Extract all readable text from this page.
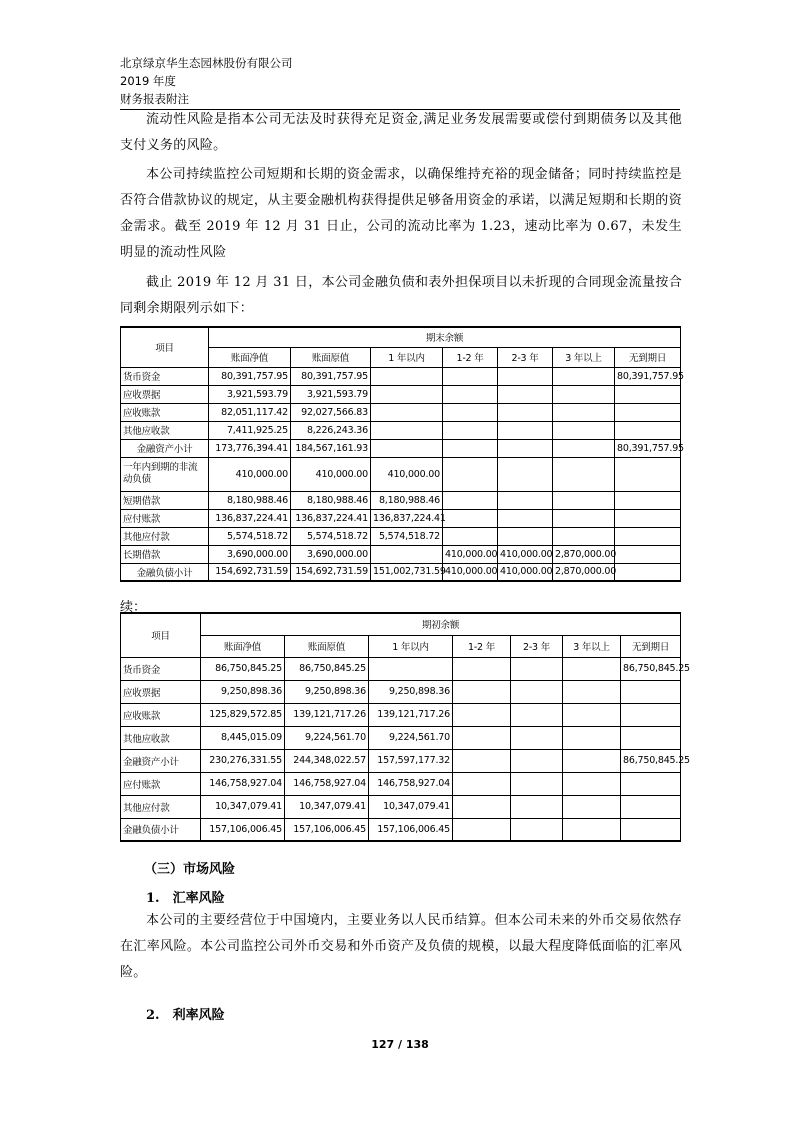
北京绿京华生态园林股份有限公司
2019 年度
财务报表附注
流动性风险是指本公司无法及时获得充足资金,满足业务发展需要或偿付到期债务以及其他支付义务的风险。
本公司持续监控公司短期和长期的资金需求，以确保维持充裕的现金储备；同时持续监控是否符合借款协议的规定，从主要金融机构获得提供足够备用资金的承诺，以满足短期和长期的资金需求。截至 2019 年 12 月 31 日止，公司的流动比率为 1.23，速动比率为 0.67，未发生明显的流动性风险
截止 2019 年 12 月 31 日，本公司金融负债和表外担保项目以未折现的合同现金流量按合同剩余期限列示如下：
项目	期末余额						
	账面净值	账面原值	1 年以内	1-2 年	2-3 年	3 年以上	无到期日
货币资金	80,391,757.95	80,391,757.95					80,391,757.95
应收票据	3,921,593.79	3,921,593.79					
应收账款	82,051,117.42	92,027,566.83					
其他应收款	7,411,925.25	8,226,243.36					
金融资产小计	173,776,394.41	184,567,161.93					80,391,757.95
一年内到期的非流动负债	410,000.00	410,000.00	410,000.00				
短期借款	8,180,988.46	8,180,988.46	8,180,988.46				
应付账款	136,837,224.41	136,837,224.41	136,837,224.41				
其他应付款	5,574,518.72	5,574,518.72	5,574,518.72				
长期借款	3,690,000.00	3,690,000.00		410,000.00	410,000.00	2,870,000.00	
金融负债小计	154,692,731.59	154,692,731.59	151,002,731.59	410,000.00	410,000.00	2,870,000.00	
续：
项目	期初余额						
	账面净值	账面原值	1 年以内	1-2 年	2-3 年	3 年以上	无到期日
货币资金	86,750,845.25	86,750,845.25					86,750,845.25
应收票据	9,250,898.36	9,250,898.36	9,250,898.36				
应收账款	125,829,572.85	139,121,717.26	139,121,717.26				
其他应收款	8,445,015.09	9,224,561.70	9,224,561.70				
金融资产小计	230,276,331.55	244,348,022.57	157,597,177.32				86,750,845.25
应付账款	146,758,927.04	146,758,927.04	146,758,927.04				
其他应付款	10,347,079.41	10,347,079.41	10,347,079.41				
金融负债小计	157,106,006.45	157,106,006.45	157,106,006.45				
（三）市场风险
1.　汇率风险
本公司的主要经营位于中国境内，主要业务以人民币结算。但本公司未来的外币交易依然存在汇率风险。本公司监控公司外币交易和外币资产及负债的规模，以最大程度降低面临的汇率风险。
2.　利率风险
127 / 138
